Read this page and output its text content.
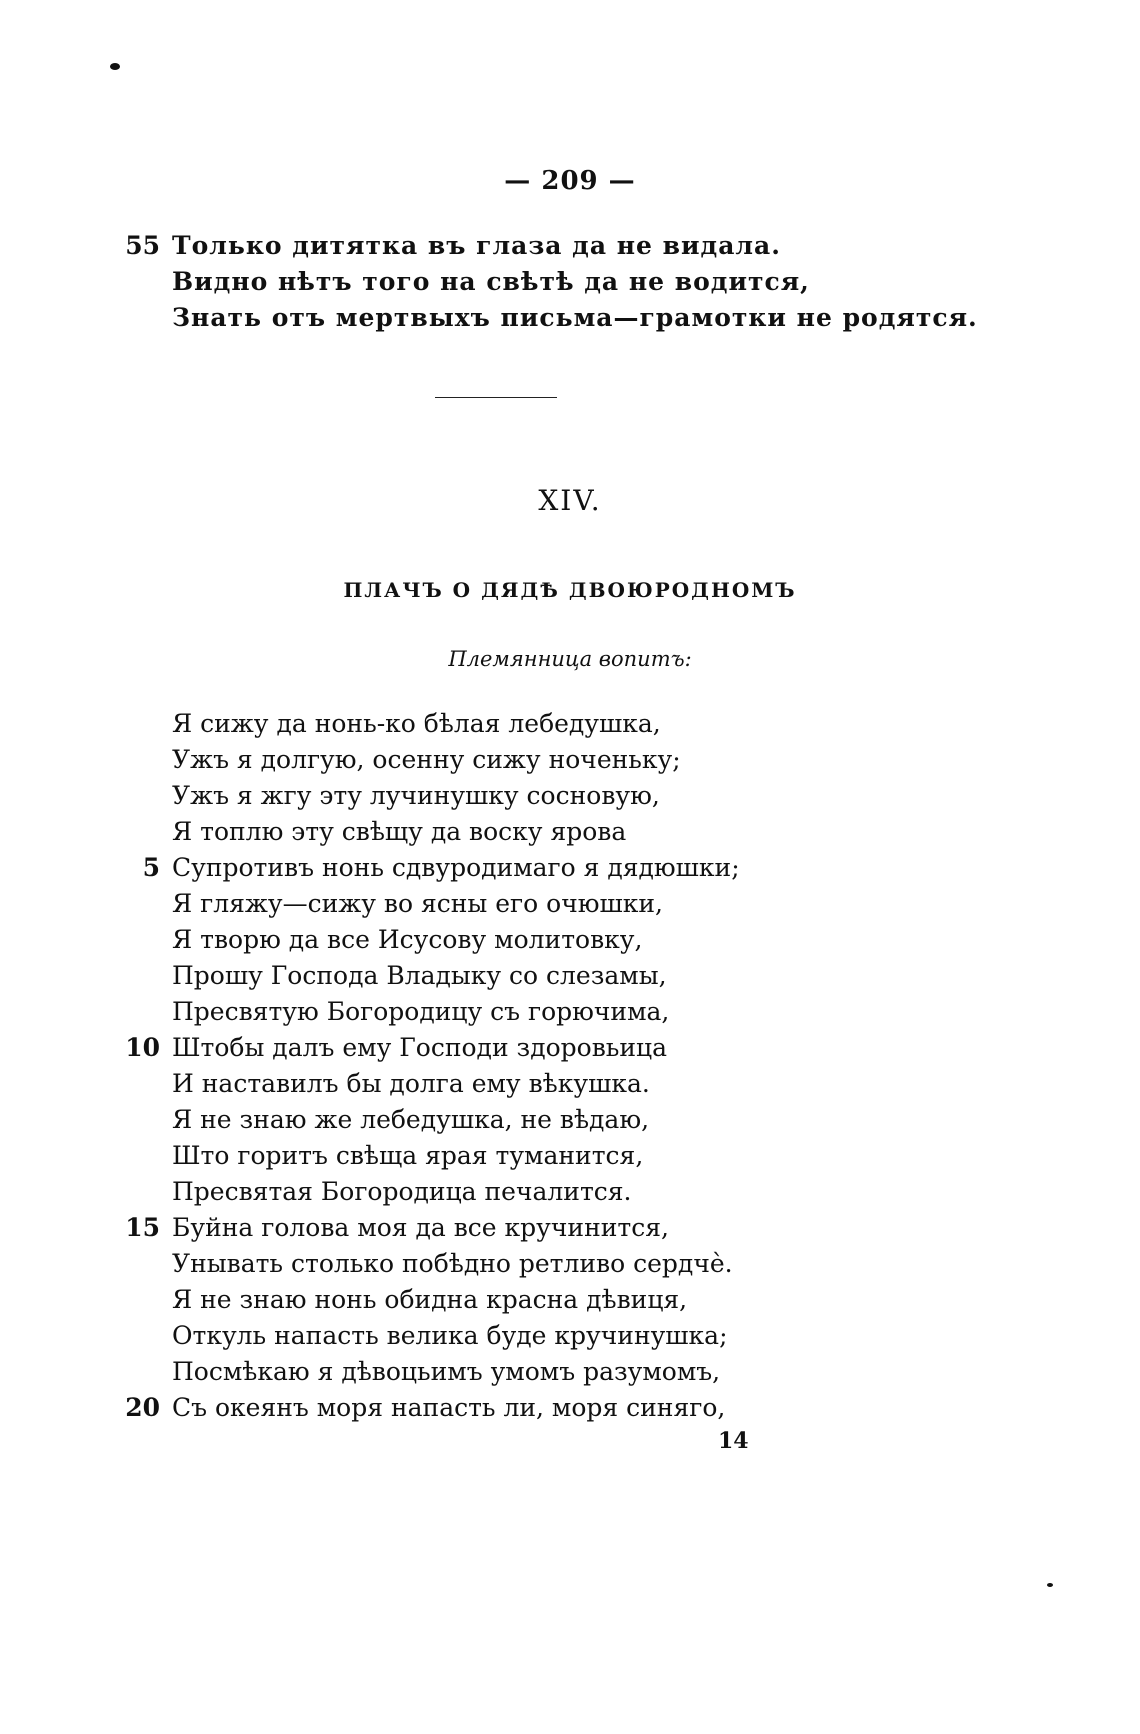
— 209 —
55 Только дитятка въ глаза да не видала.
Видно нѣтъ того на свѣтѣ да не водится,
Знать отъ мертвыхъ письма—грамотки не родятся.
XIV.
ПЛАЧЪ О ДЯДѢ ДВОЮРОДНОМЪ
Племянница вопитъ:
Я сижу да нонь-ко бѣлая лебедушка,
Ужъ я долгую, осенну сижу ноченьку;
Ужъ я жгу эту лучинушку сосновую,
Я топлю эту свѣщу да воску ярова
5 Супротивъ нонь сдвуродимаго я дядюшки;
Я гляжу—сижу во ясны его очюшки,
Я творю да все Исусову молитовку,
Прошу Господа Владыку со слезамы,
Пресвятую Богородицу съ горючима,
10 Штобы далъ ему Господи здоровьица
И наставилъ бы долга ему вѣкушка.
Я не знаю же лебедушка, не вѣдаю,
Што горитъ свѣща ярая туманится,
Пресвятая Богородица печалится.
15 Буйна голова моя да все кручинится,
Унывать столько побѣдно ретливо сердчѐ.
Я не знаю нонь обидна красна дѣвиця,
Откуль напасть велика буде кручинушка;
Посмѣкаю я дѣвоцьимъ умомъ разумомъ,
20 Съ океянъ моря напасть ли, моря синяго,
14
